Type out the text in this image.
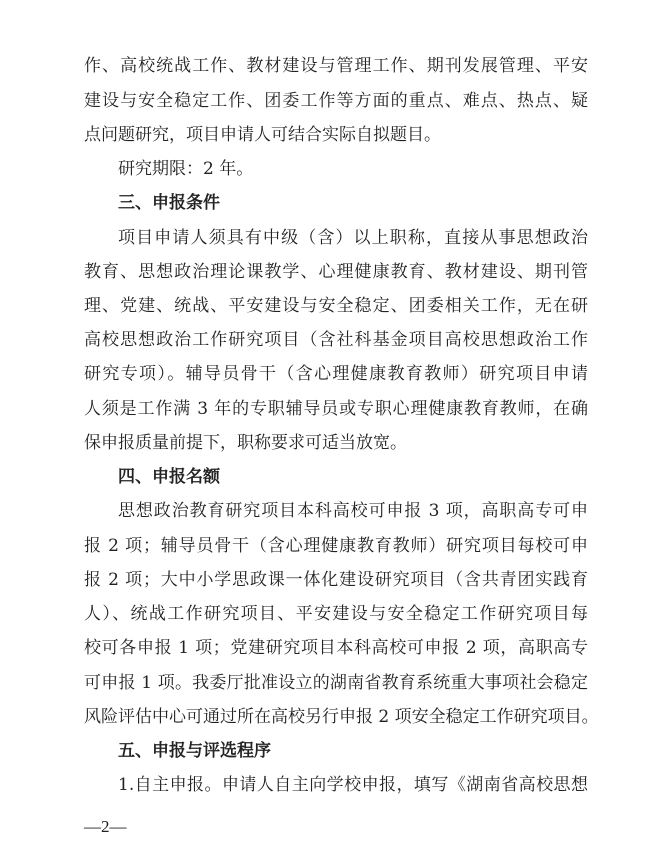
作、高校统战工作、教材建设与管理工作、期刊发展管理、平安
建设与安全稳定工作、团委工作等方面的重点、难点、热点、疑
点问题研究，项目申请人可结合实际自拟题目。
研究期限：2 年。
三、申报条件
项目申请人须具有中级（含）以上职称，直接从事思想政治
教育、思想政治理论课教学、心理健康教育、教材建设、期刊管
理、党建、统战、平安建设与安全稳定、团委相关工作，无在研
高校思想政治工作研究项目（含社科基金项目高校思想政治工作
研究专项）。辅导员骨干（含心理健康教育教师）研究项目申请
人须是工作满 3 年的专职辅导员或专职心理健康教育教师，在确
保申报质量前提下，职称要求可适当放宽。
四、申报名额
思想政治教育研究项目本科高校可申报 3 项，高职高专可申
报 2 项；辅导员骨干（含心理健康教育教师）研究项目每校可申
报 2 项；大中小学思政课一体化建设研究项目（含共青团实践育
人）、统战工作研究项目、平安建设与安全稳定工作研究项目每
校可各申报 1 项；党建研究项目本科高校可申报 2 项，高职高专
可申报 1 项。我委厅批准设立的湖南省教育系统重大事项社会稳定
风险评估中心可通过所在高校另行申报 2 项安全稳定工作研究项目。
五、申报与评选程序
1.自主申报。申请人自主向学校申报，填写《湖南省高校思想
—2—
